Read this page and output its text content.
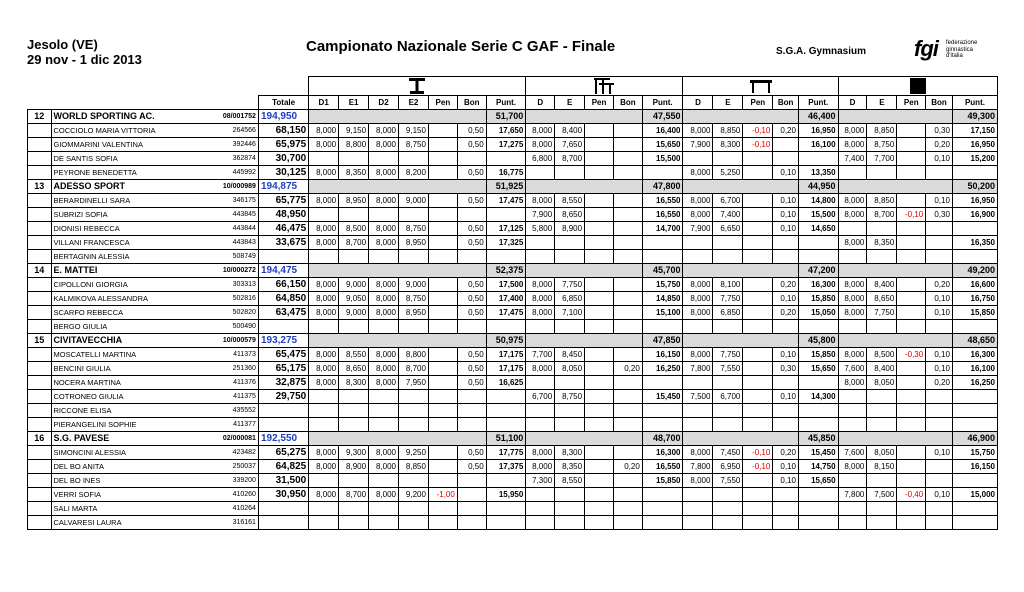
Jesolo (VE)
29 nov - 1 dic 2013
Campionato Nazionale Serie C GAF - Finale	S.G.A. Gymnasium fgi federazione
ginnastica
d'italia

			Totale	D1	E1	D2	E2	Pen	Bon	Punt.	D	E	Pen	Bon	Punt.	D	E	Pen	Bon	Punt.	D	E	Pen	Bon	Punt.
12	WORLD SPORTING AC.	08/001752	194,950							51,700					47,550					46,400					49,300
	COCCIOLO MARIA VITTORIA	264566	68,150	8,000	9,150	8,000	9,150		0,50	17,650	8,000	8,400			16,400	8,000	8,850	-0,10	0,20	16,950	8,000	8,850		0,30	17,150
	GIOMMARINI VALENTINA	392446	65,975	8,000	8,800	8,000	8,750		0,50	17,275	8,000	7,650			15,650	7,900	8,300	-0,10		16,100	8,000	8,750		0,20	16,950
	DE SANTIS SOFIA	362874	30,700								6,800	8,700			15,500						7,400	7,700		0,10	15,200
	PEYRONE BENEDETTA	445992	30,125	8,000	8,350	8,000	8,200		0,50	16,775						8,000	5,250		0,10	13,350					
13	ADESSO SPORT	10/000989	194,875							51,925					47,800					44,950					50,200
	BERARDINELLI SARA	346175	65,775	8,000	8,950	8,000	9,000		0,50	17,475	8,000	8,550			16,550	8,000	6,700		0,10	14,800	8,000	8,850		0,10	16,950
	SUBRIZI SOFIA	443845	48,950								7,900	8,650			16,550	8,000	7,400		0,10	15,500	8,000	8,700	-0,10	0,30	16,900
	DIONISI REBECCA	443844	46,475	8,000	8,500	8,000	8,750		0,50	17,125	5,800	8,900			14,700	7,900	6,650		0,10	14,650					
	VILLANI FRANCESCA	443843	33,675	8,000	8,700	8,000	8,950		0,50	17,325											8,000	8,350			16,350
	BERTAGNIN ALESSIA	508749																							
14	E. MATTEI	10/000272	194,475							52,375					45,700					47,200					49,200
	CIPOLLONI GIORGIA	303313	66,150	8,000	9,000	8,000	9,000		0,50	17,500	8,000	7,750			15,750	8,000	8,100		0,20	16,300	8,000	8,400		0,20	16,600
	KALMIKOVA ALESSANDRA	502816	64,850	8,000	9,050	8,000	8,750		0,50	17,400	8,000	6,850			14,850	8,000	7,750		0,10	15,850	8,000	8,650		0,10	16,750
	SCARFO REBECCA	502820	63,475	8,000	9,000	8,000	8,950		0,50	17,475	8,000	7,100			15,100	8,000	6,850		0,20	15,050	8,000	7,750		0,10	15,850
	BERGO GIULIA	500490																							
15	CIVITAVECCHIA	10/000579	193,275							50,975					47,850					45,800					48,650
	MOSCATELLI MARTINA	411373	65,475	8,000	8,550	8,000	8,800		0,50	17,175	7,700	8,450			16,150	8,000	7,750		0,10	15,850	8,000	8,500	-0,30	0,10	16,300
	BENCINI GIULIA	251360	65,175	8,000	8,650	8,000	8,700		0,50	17,175	8,000	8,050		0,20	16,250	7,800	7,550		0,30	15,650	7,600	8,400		0,10	16,100
	NOCERA MARTINA	411376	32,875	8,000	8,300	8,000	7,950		0,50	16,625											8,000	8,050		0,20	16,250
	COTRONEO GIULIA	411375	29,750								6,700	8,750			15,450	7,500	6,700		0,10	14,300					
	RICCONE ELISA	435552																							
	PIERANGELINI SOPHIE	411377																							
16	S.G. PAVESE	02/000081	192,550							51,100					48,700					45,850					46,900
	SIMONCINI ALESSIA	423482	65,275	8,000	9,300	8,000	9,250		0,50	17,775	8,000	8,300			16,300	8,000	7,450	-0,10	0,20	15,450	7,600	8,050		0,10	15,750
	DEL BO ANITA	250037	64,825	8,000	8,900	8,000	8,850		0,50	17,375	8,000	8,350		0,20	16,550	7,800	6,950	-0,10	0,10	14,750	8,000	8,150			16,150
	DEL BO INES	339200	31,500								7,300	8,550			15,850	8,000	7,550		0,10	15,650					
	VERRI SOFIA	410260	30,950	8,000	8,700	8,000	9,200	-1,00		15,950											7,800	7,500	-0,40	0,10	15,000
	SALI MARTA	410264																							
	CALVARESI LAURA	316161																							
